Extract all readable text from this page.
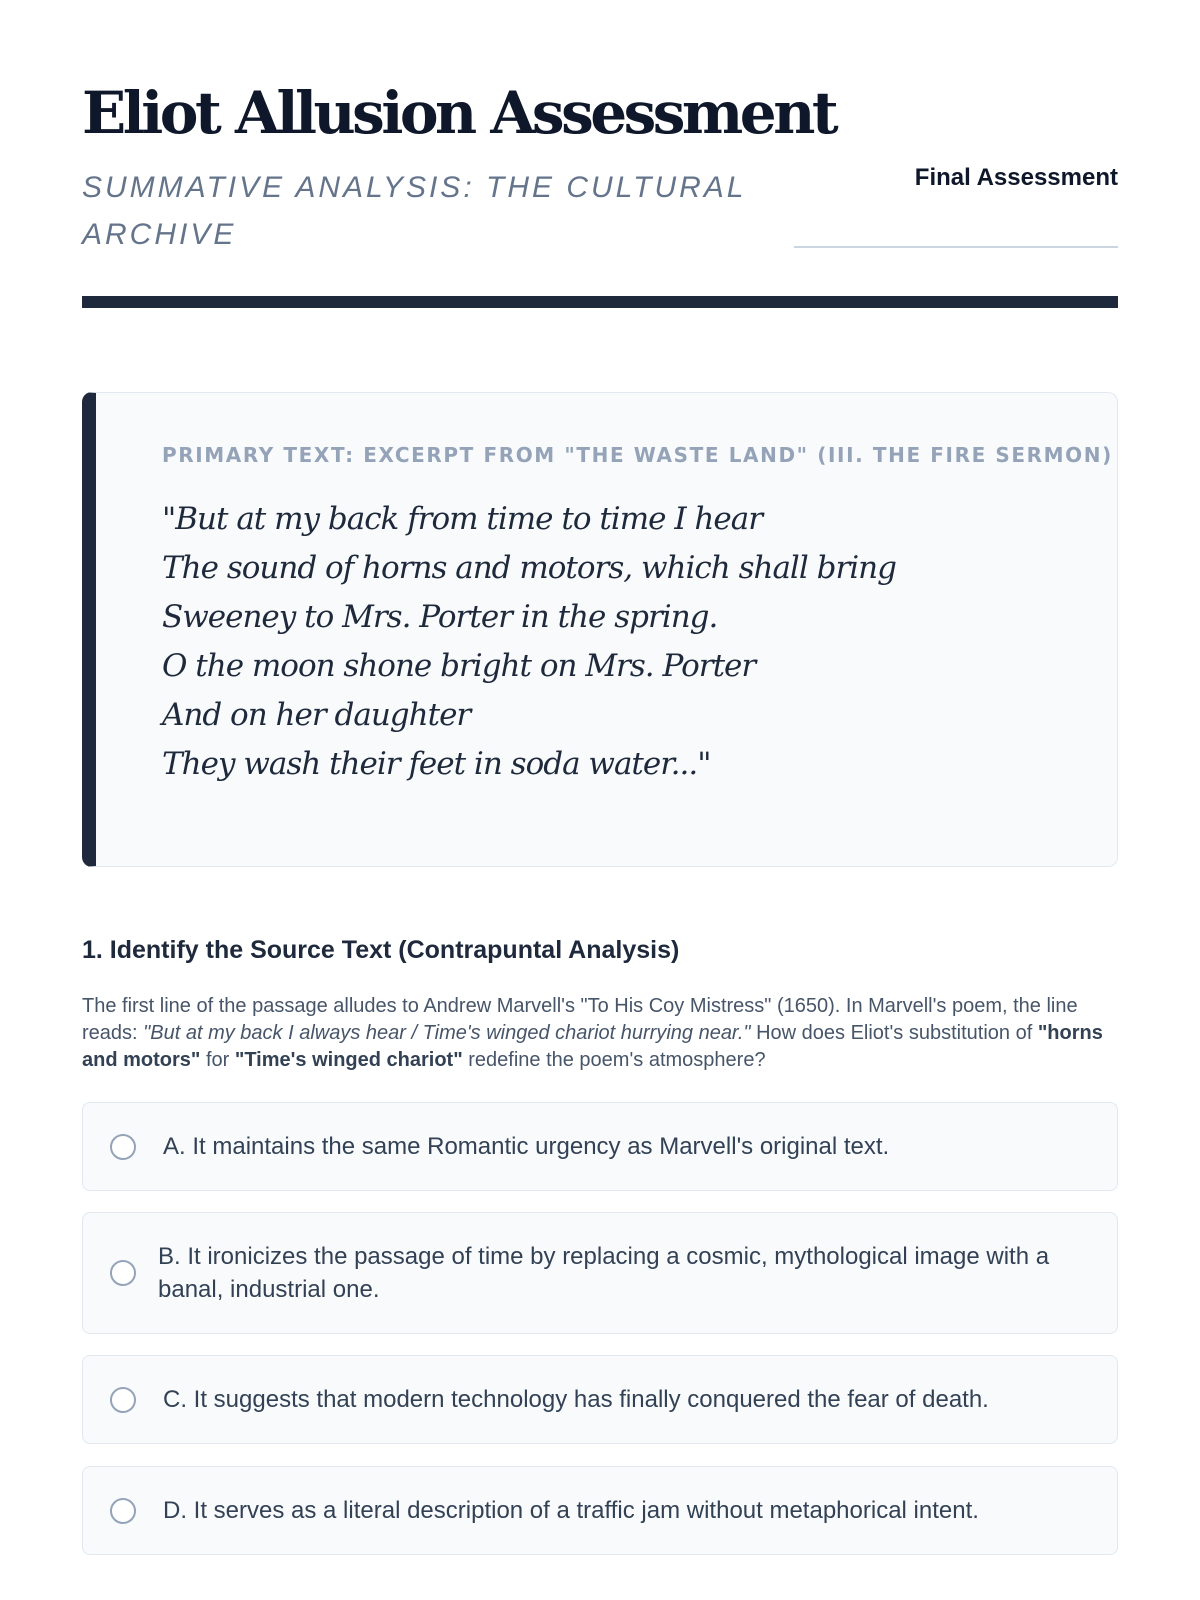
Eliot Allusion Assessment
SUMMATIVE ANALYSIS: THE CULTURAL ARCHIVE
Final Assessment
PRIMARY TEXT: EXCERPT FROM "THE WASTE LAND" (III. THE FIRE SERMON)
"But at my back from time to time I hear
The sound of horns and motors, which shall bring
Sweeney to Mrs. Porter in the spring.
O the moon shone bright on Mrs. Porter
And on her daughter
They wash their feet in soda water..."
1. Identify the Source Text (Contrapuntal Analysis)

The first line of the passage alludes to Andrew Marvell's "To His Coy Mistress" (1650). In Marvell's poem, the line reads: "But at my back I always hear / Time's winged chariot hurrying near." How does Eliot's substitution of "horns and motors" for "Time's winged chariot" redefine the poem's atmosphere?

A. It maintains the same Romantic urgency as Marvell's original text.
B. It ironicizes the passage of time by replacing a cosmic, mythological image with a banal, industrial one.
C. It suggests that modern technology has finally conquered the fear of death.
D. It serves as a literal description of a traffic jam without metaphorical intent.
